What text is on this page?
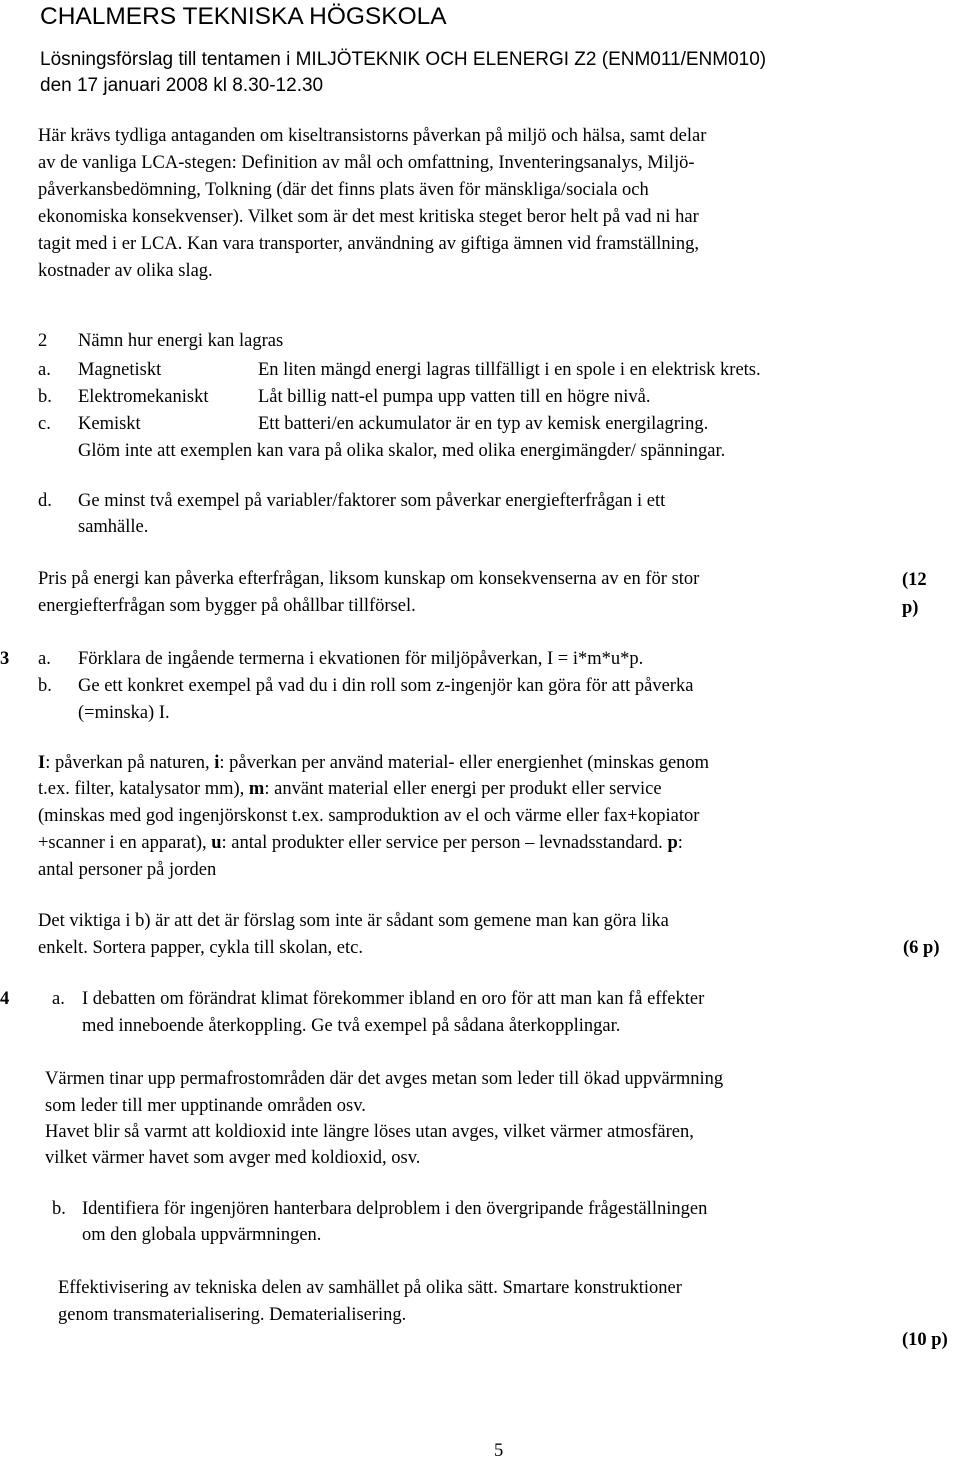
CHALMERS TEKNISKA HÖGSKOLA
Lösningsförslag till tentamen i MILJÖTEKNIK OCH ELENERGI Z2 (ENM011/ENM010)
den 17 januari 2008 kl 8.30-12.30
Här krävs tydliga antaganden om kiseltransistorns påverkan på miljö och hälsa, samt delar
av de vanliga LCA-stegen: Definition av mål och omfattning, Inventeringsanalys, Miljö-
påverkansbedömning, Tolkning (där det finns plats även för mänskliga/sociala och
ekonomiska konsekvenser). Vilket som är det mest kritiska steget beror helt på vad ni har
tagit med i er LCA. Kan vara transporter, användning av giftiga ämnen vid framställning,
kostnader av olika slag.
2 Nämn hur energi kan lagras
a. Magnetiskt	En liten mängd energi lagras tillfälligt i en spole i en elektrisk krets.
b. Elektromekaniskt	Låt billig natt-el pumpa upp vatten till en högre nivå.
c. Kemiskt	Ett batteri/en ackumulator är en typ av kemisk energilagring.
Glöm inte att exemplen kan vara på olika skalor, med olika energimängder/ spänningar.
d. Ge minst två exempel på variabler/faktorer som påverkar energiefterfrågan i ett
samhälle.
Pris på energi kan påverka efterfrågan, liksom kunskap om konsekvenserna av en för stor
energiefterfrågan som bygger på ohållbar tillförsel.
(12
p)
3 a. Förklara de ingående termerna i ekvationen för miljöpåverkan, I = i*m*u*p.
b. Ge ett konkret exempel på vad du i din roll som z-ingenjör kan göra för att påverka
(=minska) I.
I: påverkan på naturen, i: påverkan per använd material- eller energienhet (minskas genom
t.ex. filter, katalysator mm), m: använt material eller energi per produkt eller service
(minskas med god ingenjörskonst t.ex. samproduktion av el och värme eller fax+kopiator
+scanner i en apparat), u: antal produkter eller service per person – levnadsstandard. p:
antal personer på jorden
Det viktiga i b) är att det är förslag som inte är sådant som gemene man kan göra lika
enkelt. Sortera papper, cykla till skolan, etc.	(6 p)
4 a. I debatten om förändrat klimat förekommer ibland en oro för att man kan få effekter
med inneboende återkoppling. Ge två exempel på sådana återkopplingar.
Värmen tinar upp permafrostområden där det avges metan som leder till ökad uppvärmning
som leder till mer upptinande områden osv.
Havet blir så varmt att koldioxid inte längre löses utan avges, vilket värmer atmosfären,
vilket värmer havet som avger med koldioxid, osv.
b. Identifiera för ingenjören hanterbara delproblem i den övergripande frågeställningen
om den globala uppvärmningen.
Effektivisering av tekniska delen av samhället på olika sätt. Smartare konstruktioner
genom transmaterialisering. Dematerialisering.
(10 p)
5
